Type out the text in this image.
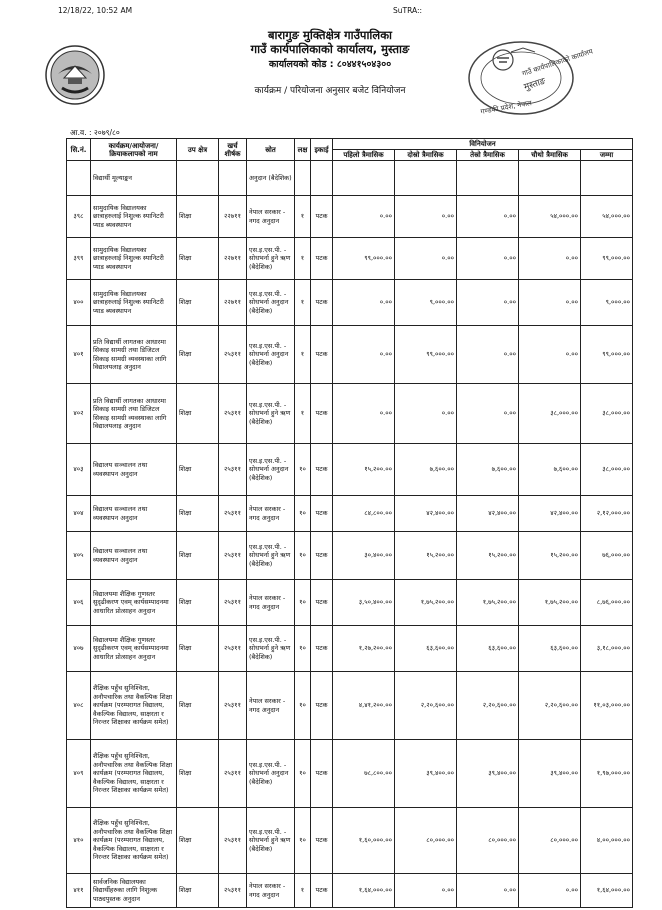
12/18/22, 10:52 AM	SuTRA::
बारागुङ मुक्तिक्षेत्र गाउँपालिका
गाउँ कार्यपालिकाको कार्यालय, मुस्ताङ
कार्यालयको कोड : ८०४४१५०४३००
कार्यक्रम / परियोजना अनुसार बजेट विनियोजन
गाउँ कार्यपालिकाको कार्यालय
मुस्ताङ
गण्डकी प्रदेश, नेपाल
आ.व. : २०७९/८०
सि.नं.	कार्यक्रम/आयोजना/ क्रियाकलापको नाम	उप क्षेत्र	खर्च शीर्षक	स्रोत	लक्ष	इकाई	विनियोजन				
							पहिलो त्रैमासिक	दोस्रो त्रैमासिक	तेस्रो त्रैमासिक	चौथो त्रैमासिक	जम्मा
	विद्यार्थी मूल्याङ्कन			अनुदान (बैदेशिक)							
३९८	सामुदायिक विद्यालयका छात्राहरुलाई निशुल्क स्यानिटरी प्याड ब्यवस्थापन	शिक्षा	२२७११	नेपाल सरकार - नगद अनुदान	१	पटक	०.००	०.००	०.००	५४,०००.००	५४,०००.००
३९९	सामुदायिक विद्यालयका छात्राहरुलाई निशुल्क स्यानिटरी प्याड ब्यवस्थापन	शिक्षा	२२७११	एस.इ.एस.पी. - सोधभर्ना हुने ऋण (बैदेशिक)	१	पटक	९९,०००.००	०.००	०.००	०.००	९९,०००.००
४००	सामुदायिक विद्यालयका छात्राहरुलाई निशुल्क स्यानिटरी प्याड ब्यवस्थापन	शिक्षा	२२७११	एस.इ.एस.पी. - सोधभर्ना अनुदान (बैदेशिक)	१	पटक	०.००	९,०००.००	०.००	०.००	९,०००.००
४०१	प्रति विद्यार्थी लागतका आधारमा सिकाइ सामग्री तथा डिजिटल सिकाइ सामग्री व्यवस्थाका लागि विद्यालयलाइ अनुदान	शिक्षा	२५३११	एस.इ.एस.पी. - सोधभर्ना अनुदान (बैदेशिक)	१	पटक	०.००	९९,०००.००	०.००	०.००	९९,०००.००
४०२	प्रति विद्यार्थी लागतका आधारमा सिकाइ सामग्री तथा डिजिटल सिकाइ सामग्री व्यवस्थाका लागि विद्यालयलाइ अनुदान	शिक्षा	२५३११	एस.इ.एस.पी. - सोधभर्ना हुने ऋण (बैदेशिक)	१	पटक	०.००	०.००	०.००	३८,०००.००	३८,०००.००
४०३	विद्यालय सञ्चालन तथा व्यवस्थापन अनुदान	शिक्षा	२५३११	एस.इ.एस.पी. - सोधभर्ना अनुदान (बैदेशिक)	१०	पटक	१५,२००.००	७,६००.००	७,६००.००	७,६००.००	३८,०००.००
४०४	विद्यालय सञ्चालन तथा व्यवस्थापन अनुदान	शिक्षा	२५३११	नेपाल सरकार - नगद अनुदान	१०	पटक	८४,८००.००	४२,४००.००	४२,४००.००	४२,४००.००	२,१२,०००.००
४०५	विद्यालय सञ्चालन तथा व्यवस्थापन अनुदान	शिक्षा	२५३११	एस.इ.एस.पी. - सोधभर्ना हुने ऋण (बैदेशिक)	१०	पटक	३०,४००.००	१५,२००.००	१५,२००.००	१५,२००.००	७६,०००.००
४०६	विद्यालयमा शैक्षिक गुणस्तर सुदृढीकरण एवम् कार्यसम्पादनमा आधारित प्रोत्साहन अनुदान	शिक्षा	२५३११	नेपाल सरकार - नगद अनुदान	१०	पटक	३,५०,४००.००	१,७५,२००.००	१,७५,२००.००	१,७५,२००.००	८,७६,०००.००
४०७	विद्यालयमा शैक्षिक गुणस्तर सुदृढीकरण एवम् कार्यसम्पादनमा आधारित प्रोत्साहन अनुदान	शिक्षा	२५३११	एस.इ.एस.पी. - सोधभर्ना हुने ऋण (बैदेशिक)	१०	पटक	१,२७,२००.००	६३,६००.००	६३,६००.००	६३,६००.००	३,१८,०००.००
४०८	शैक्षिक पहुँच सुनिश्चिता, अनौपचारिक तथा वैकल्पिक शिक्षा कार्यक्रम (परम्परागत विद्यालय, वैकल्पिक विद्यालय, साक्षरता र निरन्तर शिक्षाका कार्यक्रम समेत)	शिक्षा	२५३११	नेपाल सरकार - नगद अनुदान	१०	पटक	४,४१,२००.००	२,२०,६००.००	२,२०,६००.००	२,२०,६००.००	११,०३,०००.००
४०९	शैक्षिक पहुँच सुनिश्चिता, अनौपचारिक तथा वैकल्पिक शिक्षा कार्यक्रम (परम्परागत विद्यालय, वैकल्पिक विद्यालय, साक्षरता र निरन्तर शिक्षाका कार्यक्रम समेत)	शिक्षा	२५३११	एस.इ.एस.पी. - सोधभर्ना अनुदान (बैदेशिक)	१०	पटक	७८,८००.००	३९,४००.००	३९,४००.००	३९,४००.००	१,९७,०००.००
४१०	शैक्षिक पहुँच सुनिश्चिता, अनौपचारिक तथा वैकल्पिक शिक्षा कार्यक्रम (परम्परागत विद्यालय, वैकल्पिक विद्यालय, साक्षरता र निरन्तर शिक्षाका कार्यक्रम समेत)	शिक्षा	२५३११	एस.इ.एस.पी. - सोधभर्ना हुने ऋण (बैदेशिक)	१०	पटक	१,६०,०००.००	८०,०००.००	८०,०००.००	८०,०००.००	४,००,०००.००
४११	सार्वजनिक विद्यालयका विद्यार्थीहरुका लागि निशुल्क पाठ्यपुस्तक अनुदान	शिक्षा	२५३११	नेपाल सरकार - नगद अनुदान	१	पटक	१,६४,०००.००	०.००	०.००	०.००	१,६४,०००.००
